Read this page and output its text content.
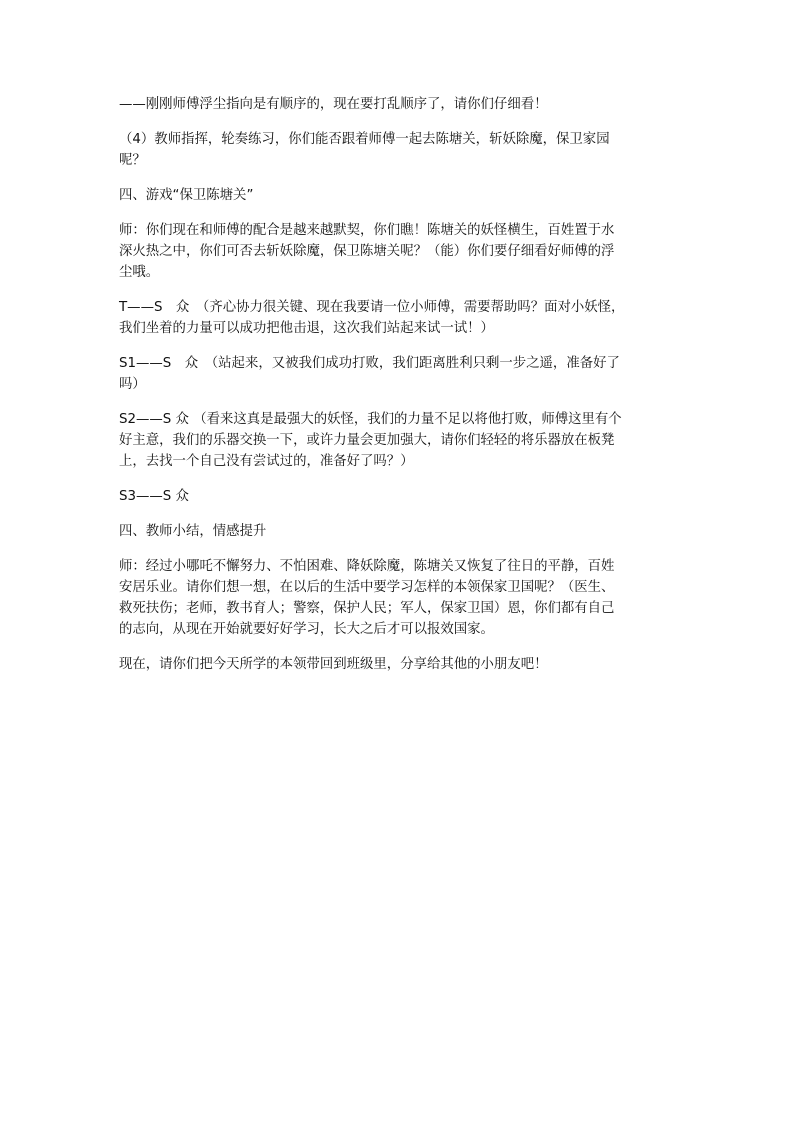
——刚刚师傅浮尘指向是有顺序的，现在要打乱顺序了，请你们仔细看！

（4）教师指挥，轮奏练习，你们能否跟着师傅一起去陈塘关，斩妖除魔，保卫家园
呢？

四、游戏“保卫陈塘关”

师：你们现在和师傅的配合是越来越默契，你们瞧！陈塘关的妖怪横生，百姓置于水
深火热之中，你们可否去斩妖除魔，保卫陈塘关呢？（能）你们要仔细看好师傅的浮
尘哦。

T——S　众　（齐心协力很关键、现在我要请一位小师傅，需要帮助吗？面对小妖怪，
我们坐着的力量可以成功把他击退，这次我们站起来试一试！）

S1——S　众　（站起来，又被我们成功打败，我们距离胜利只剩一步之遥，准备好了
吗）

S2——S 众 （看来这真是最强大的妖怪，我们的力量不足以将他打败，师傅这里有个
好主意，我们的乐器交换一下，或许力量会更加强大，请你们轻轻的将乐器放在板凳
上，去找一个自己没有尝试过的，准备好了吗？）

S3——S 众

四、教师小结，情感提升

师：经过小哪吒不懈努力、不怕困难、降妖除魔，陈塘关又恢复了往日的平静，百姓
安居乐业。请你们想一想，在以后的生活中要学习怎样的本领保家卫国呢？（医生、
救死扶伤；老师，教书育人；警察，保护人民；军人，保家卫国）恩，你们都有自己
的志向，从现在开始就要好好学习，长大之后才可以报效国家。

现在，请你们把今天所学的本领带回到班级里，分享给其他的小朋友吧！
